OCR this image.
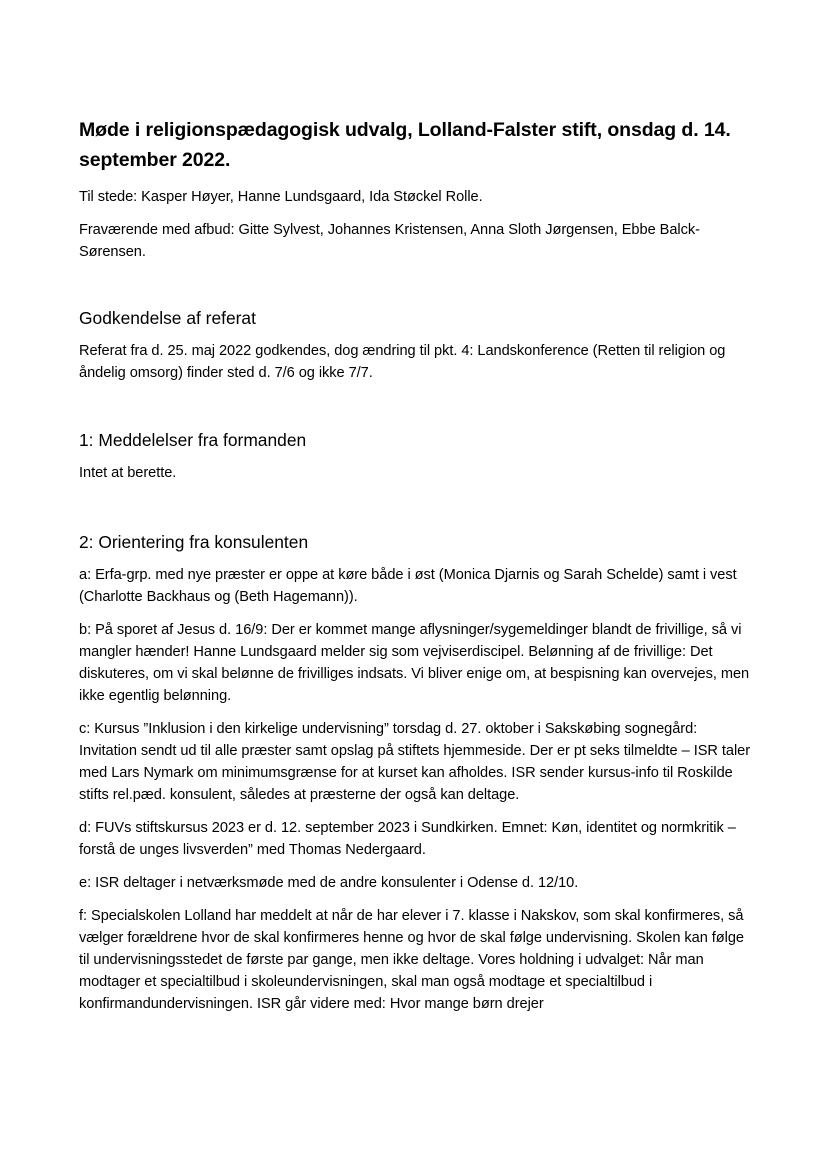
Møde i religionspædagogisk udvalg, Lolland-Falster stift, onsdag d. 14. september 2022.

Til stede: Kasper Høyer, Hanne Lundsgaard, Ida Støckel Rolle.

Fraværende med afbud: Gitte Sylvest, Johannes Kristensen, Anna Sloth Jørgensen, Ebbe Balck-Sørensen.

Godkendelse af referat

Referat fra d. 25. maj 2022 godkendes, dog ændring til pkt. 4: Landskonference (Retten til religion og åndelig omsorg) finder sted d. 7/6 og ikke 7/7.

1: Meddelelser fra formanden

Intet at berette.

2: Orientering fra konsulenten

a: Erfa-grp. med nye præster er oppe at køre både i øst (Monica Djarnis og Sarah Schelde) samt i vest (Charlotte Backhaus og (Beth Hagemann)).

b: På sporet af Jesus d. 16/9: Der er kommet mange aflysninger/sygemeldinger blandt de frivillige, så vi mangler hænder! Hanne Lundsgaard melder sig som vejviserdiscipel. Belønning af de frivillige: Det diskuteres, om vi skal belønne de frivilliges indsats. Vi bliver enige om, at bespisning kan overvejes, men ikke egentlig belønning.

c: Kursus ”Inklusion i den kirkelige undervisning” torsdag d. 27. oktober i Sakskøbing sognegård: Invitation sendt ud til alle præster samt opslag på stiftets hjemmeside. Der er pt seks tilmeldte – ISR taler med Lars Nymark om minimumsgrænse for at kurset kan afholdes. ISR sender kursus-info til Roskilde stifts rel.pæd. konsulent, således at præsterne der også kan deltage.

d: FUVs stiftskursus 2023 er d. 12. september 2023 i Sundkirken. Emnet: Køn, identitet og normkritik – forstå de unges livsverden” med Thomas Nedergaard.

e: ISR deltager i netværksmøde med de andre konsulenter i Odense d. 12/10.

f: Specialskolen Lolland har meddelt at når de har elever i 7. klasse i Nakskov, som skal konfirmeres, så vælger forældrene hvor de skal konfirmeres henne og hvor de skal følge undervisning. Skolen kan følge til undervisningsstedet de første par gange, men ikke deltage. Vores holdning i udvalget: Når man modtager et specialtilbud i skoleundervisningen, skal man også modtage et specialtilbud i konfirmandundervisningen. ISR går videre med: Hvor mange børn drejer
